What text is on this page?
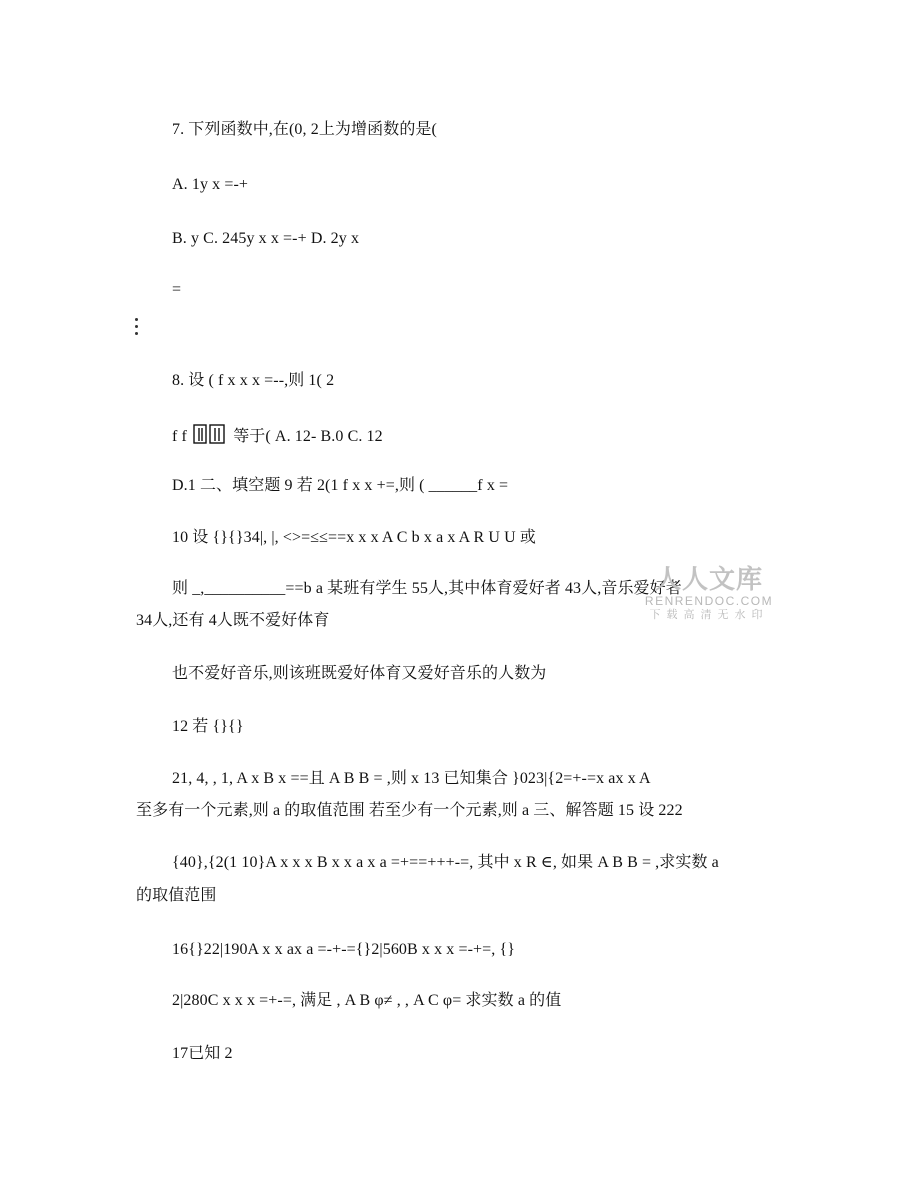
7. 下列函数中,在(0, 2上为增函数的是(
A. 1y x =-+
B. y C. 245y x x =-+ D. 2y x
=
8. 设 ( f x x x =--,则 1( 2
f f	等于( A. 12- B.0 C. 12
D.1 二、填空题 9 若 2(1 f x x +=,则 ( ______f x =
10 设 {}{}34|, |, <>=≤≤==x x x A C b x a x A R U U 或
则 _,__________==b a 某班有学生 55人,其中体育爱好者 43人,音乐爱好者
34人,还有 4人既不爱好体育
也不爱好音乐,则该班既爱好体育又爱好音乐的人数为
12 若 {}{}
21, 4, , 1, A x B x ==且 A B B = ,则 x 13 已知集合 }023|{2=+-=x ax x A
至多有一个元素,则 a 的取值范围 若至少有一个元素,则 a 三、解答题 15 设 222
{40},{2(1 10}A x x x B x x a x a =+==+++-=, 其中 x R ∈, 如果 A B B = ,求实数 a
的取值范围
16{}22|190A x x ax a =-+-={}2|560B x x x =-+=, {}
2|280C x x x =+-=, 满足 , A B φ≠ , , A C φ= 求实数 a 的值
17已知 2
人人文库
RENRENDOC.COM
下载高清无水印
